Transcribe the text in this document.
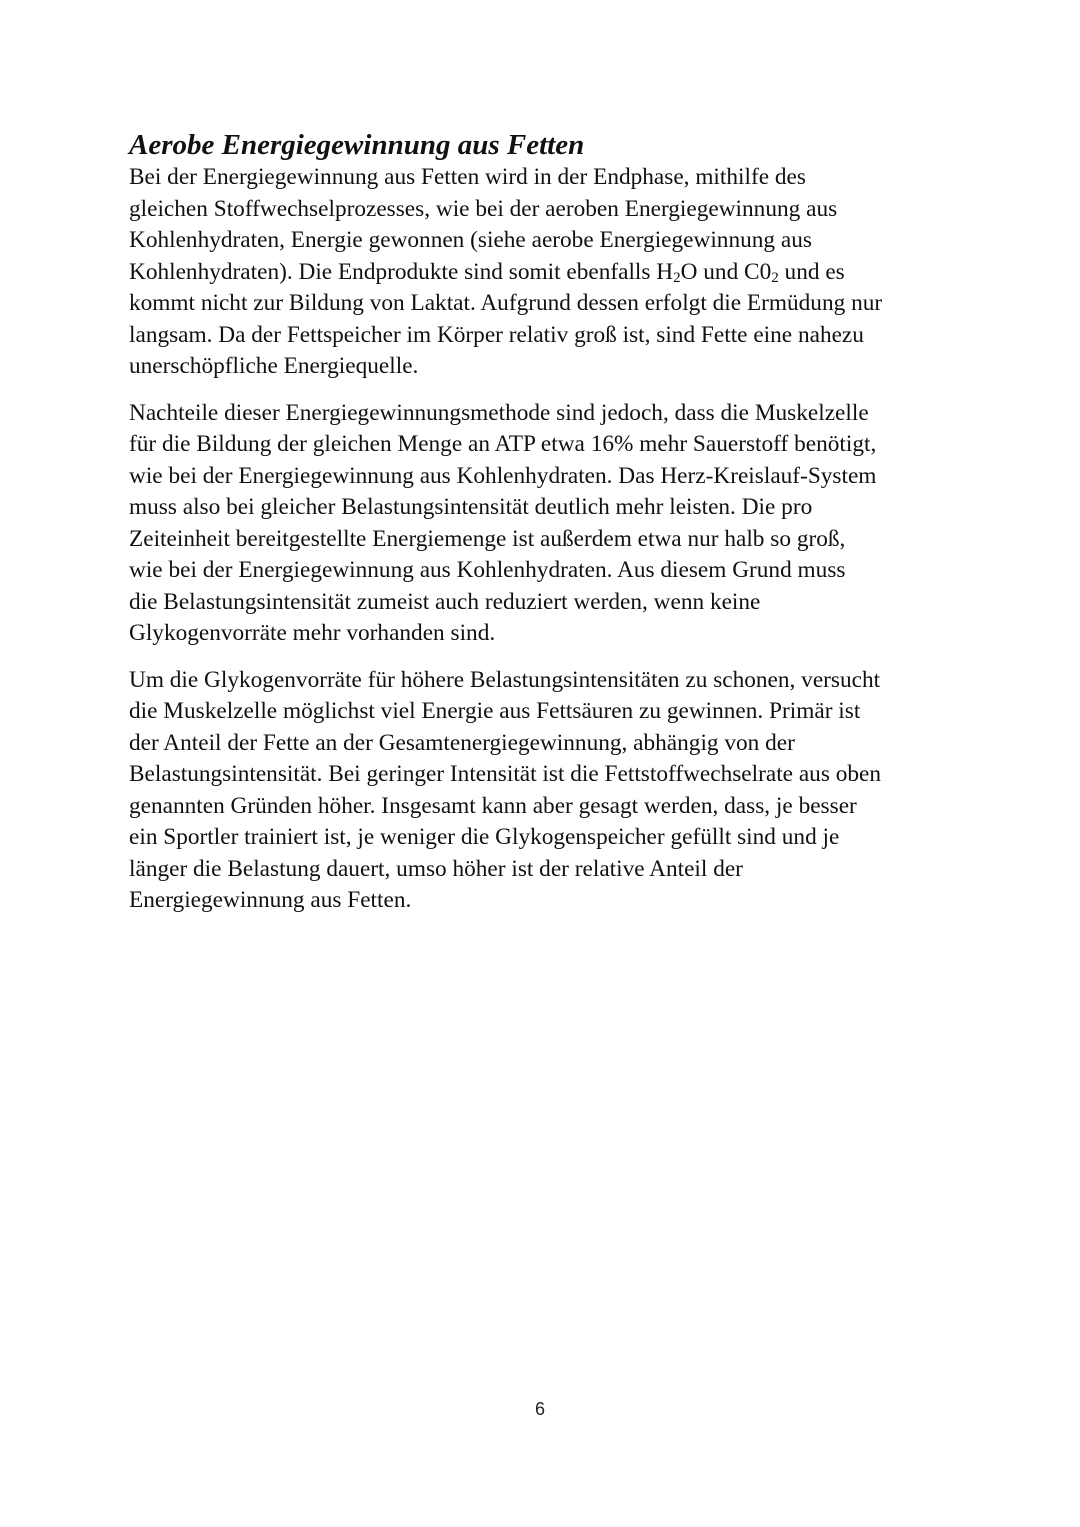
Aerobe Energiegewinnung aus Fetten

Bei der Energiegewinnung aus Fetten wird in der Endphase, mithilfe des
gleichen Stoffwechselprozesses, wie bei der aeroben Energiegewinnung aus
Kohlenhydraten, Energie gewonnen (siehe aerobe Energiegewinnung aus
Kohlenhydraten). Die Endprodukte sind somit ebenfalls $H_2O$ und $C0_2$ und es
kommt nicht zur Bildung von Laktat. Aufgrund dessen erfolgt die Ermüdung nur
langsam. Da der Fettspeicher im Körper relativ groß ist, sind Fette eine nahezu
unerschöpfliche Energiequelle.

Nachteile dieser Energiegewinnungsmethode sind jedoch, dass die Muskelzelle
für die Bildung der gleichen Menge an ATP etwa 16% mehr Sauerstoff benötigt,
wie bei der Energiegewinnung aus Kohlenhydraten. Das Herz-Kreislauf-System
muss also bei gleicher Belastungsintensität deutlich mehr leisten. Die pro
Zeiteinheit bereitgestellte Energiemenge ist außerdem etwa nur halb so groß,
wie bei der Energiegewinnung aus Kohlenhydraten. Aus diesem Grund muss
die Belastungsintensität zumeist auch reduziert werden, wenn keine
Glykogenvorräte mehr vorhanden sind.

Um die Glykogenvorräte für höhere Belastungsintensitäten zu schonen, versucht
die Muskelzelle möglichst viel Energie aus Fettsäuren zu gewinnen. Primär ist
der Anteil der Fette an der Gesamtenergiegewinnung, abhängig von der
Belastungsintensität. Bei geringer Intensität ist die Fettstoffwechselrate aus oben
genannten Gründen höher. Insgesamt kann aber gesagt werden, dass, je besser
ein Sportler trainiert ist, je weniger die Glykogenspeicher gefüllt sind und je
länger die Belastung dauert, umso höher ist der relative Anteil der
Energiegewinnung aus Fetten.

6
